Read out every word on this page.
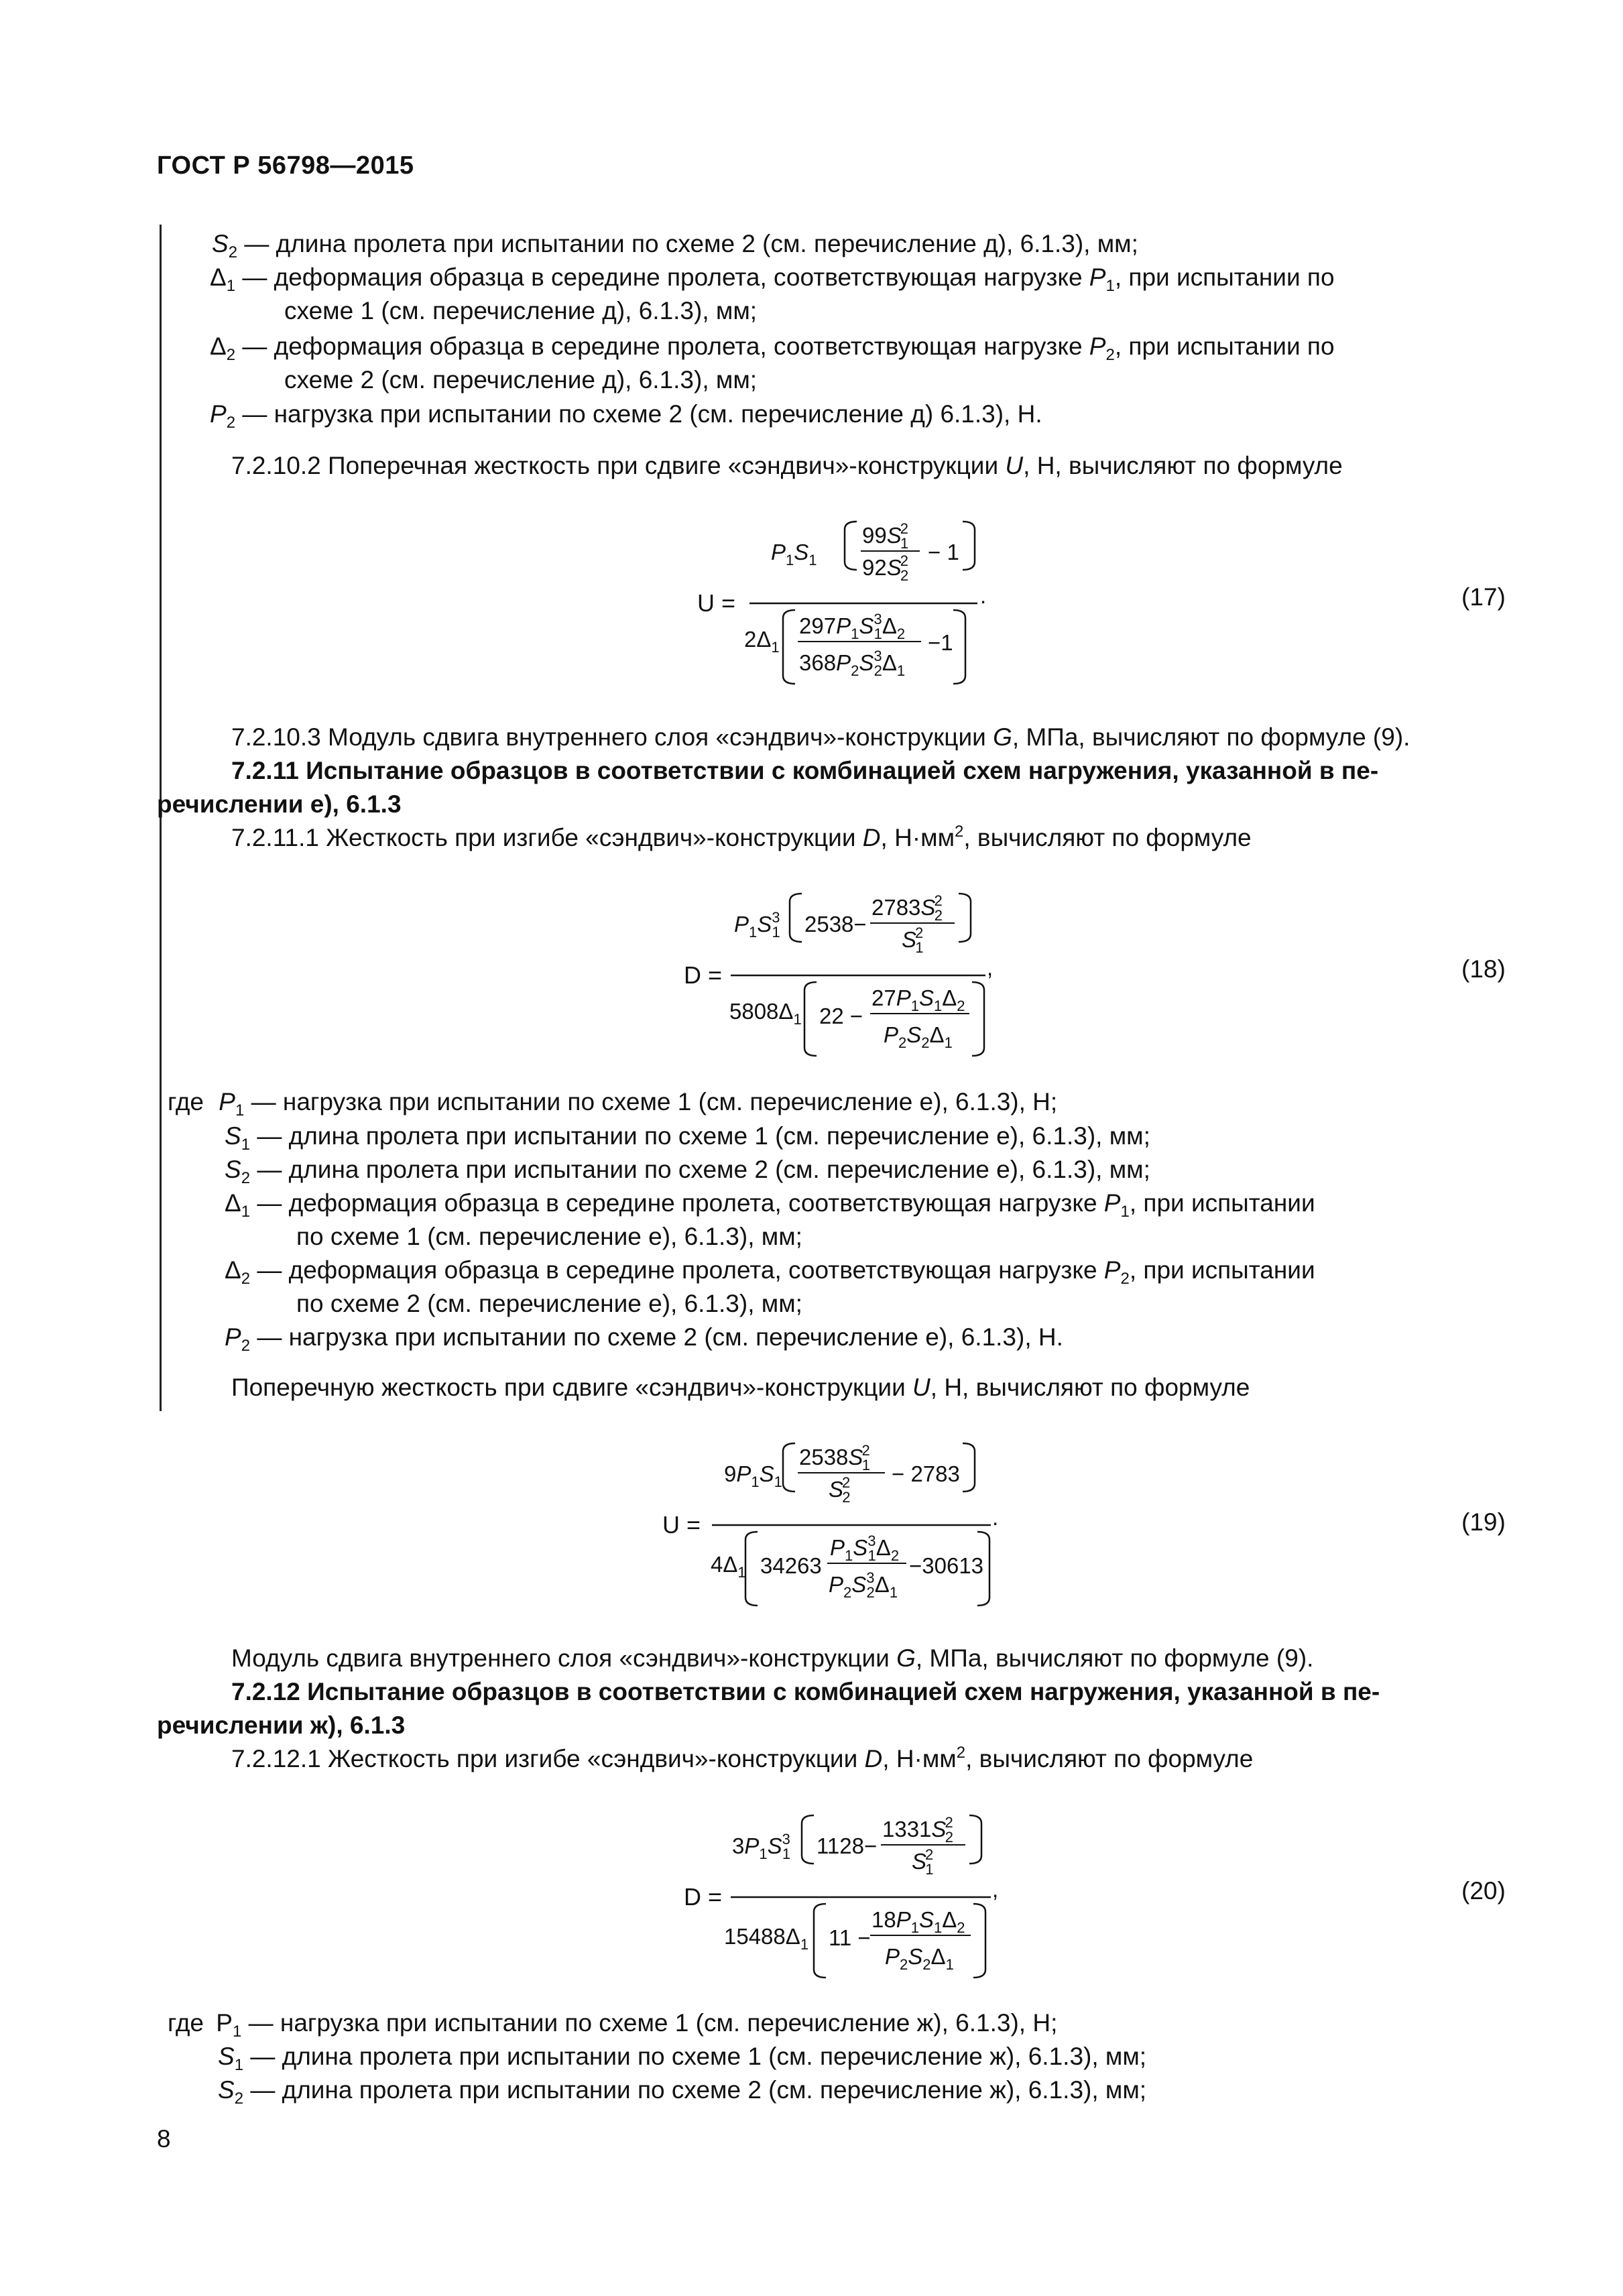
ГОСТ Р 56798—2015
$S_2$ — длина пролета при испытании по схеме 2 (см. перечисление д), 6.1.3), мм;
$\Delta_1$ — деформация образца в середине пролета, соответствующая нагрузке $P_1$, при испытании по
схеме 1 (см. перечисление д), 6.1.3), мм;
$\Delta_2$ — деформация образца в середине пролета, соответствующая нагрузке $P_2$, при испытании по
схеме 2 (см. перечисление д), 6.1.3), мм;
$P_2$ — нагрузка при испытании по схеме 2 (см. перечисление д) 6.1.3), Н.
7.2.10.2 Поперечная жесткость при сдвиге «сэндвич»-конструкции U, Н, вычисляют по формуле
$P_1S_1$
99S2 1
92S2 2
− 1
U =	.
$2\Delta_1$
$297P_1S^3$ $1\Delta_2$
$368P_2S^3$ $2\Delta_1$
−1
(17)
7.2.10.3 Модуль сдвига внутреннего слоя «сэндвич»-конструкции G, МПа, вычисляют по формуле (9).
7.2.11 Испытание образцов в соответствии с комбинацией схем нагружения, указанной в пе-
речислении е), 6.1.3
7.2.11.1 Жесткость при изгибе «сэндвич»-конструкции D, $Н\cdot мм^2$, вычисляют по формуле
$P_1S^3$ 1 2538−
2783S2 2
S2 1
D =	,
$5808\Delta_1$ 22 −
$27P_1S_1\Delta_2$
$P_2S_2\Delta_1$
(18)
где $P_1$ — нагрузка при испытании по схеме 1 (см. перечисление е), 6.1.3), Н;
$S_1$ — длина пролета при испытании по схеме 1 (см. перечисление е), 6.1.3), мм;
$S_2$ — длина пролета при испытании по схеме 2 (см. перечисление е), 6.1.3), мм;
$\Delta_1$ — деформация образца в середине пролета, соответствующая нагрузке $P_1$, при испытании
по схеме 1 (см. перечисление е), 6.1.3), мм;
$\Delta_2$ — деформация образца в середине пролета, соответствующая нагрузке $P_2$, при испытании
по схеме 2 (см. перечисление е), 6.1.3), мм;
$P_2$ — нагрузка при испытании по схеме 2 (см. перечисление е), 6.1.3), Н.
Поперечную жесткость при сдвиге «сэндвич»-конструкции U, Н, вычисляют по формуле
$9P_1S_1$
2538S2 1
S2 2
− 2783
U =	.
$4\Delta_1$ 34263
$P_1S^3$ $1\Delta_2$
$P_2S^3$ $2\Delta_1$
−30613
(19)
Модуль сдвига внутреннего слоя «сэндвич»-конструкции G, МПа, вычисляют по формуле (9).
7.2.12 Испытание образцов в соответствии с комбинацией схем нагружения, указанной в пе-
речислении ж), 6.1.3
7.2.12.1 Жесткость при изгибе «сэндвич»-конструкции D, $Н\cdot мм^2$, вычисляют по формуле
$3P_1S^3$ 1 1128−
1331S2 2
S2 1
D =	,
$15488\Delta_1$ 11 −
$18P_1S_1\Delta_2$
$P_2S_2\Delta_1$
(20)
где $P_1$ — нагрузка при испытании по схеме 1 (см. перечисление ж), 6.1.3), Н;
$S_1$ — длина пролета при испытании по схеме 1 (см. перечисление ж), 6.1.3), мм;
$S_2$ — длина пролета при испытании по схеме 2 (см. перечисление ж), 6.1.3), мм;
8
